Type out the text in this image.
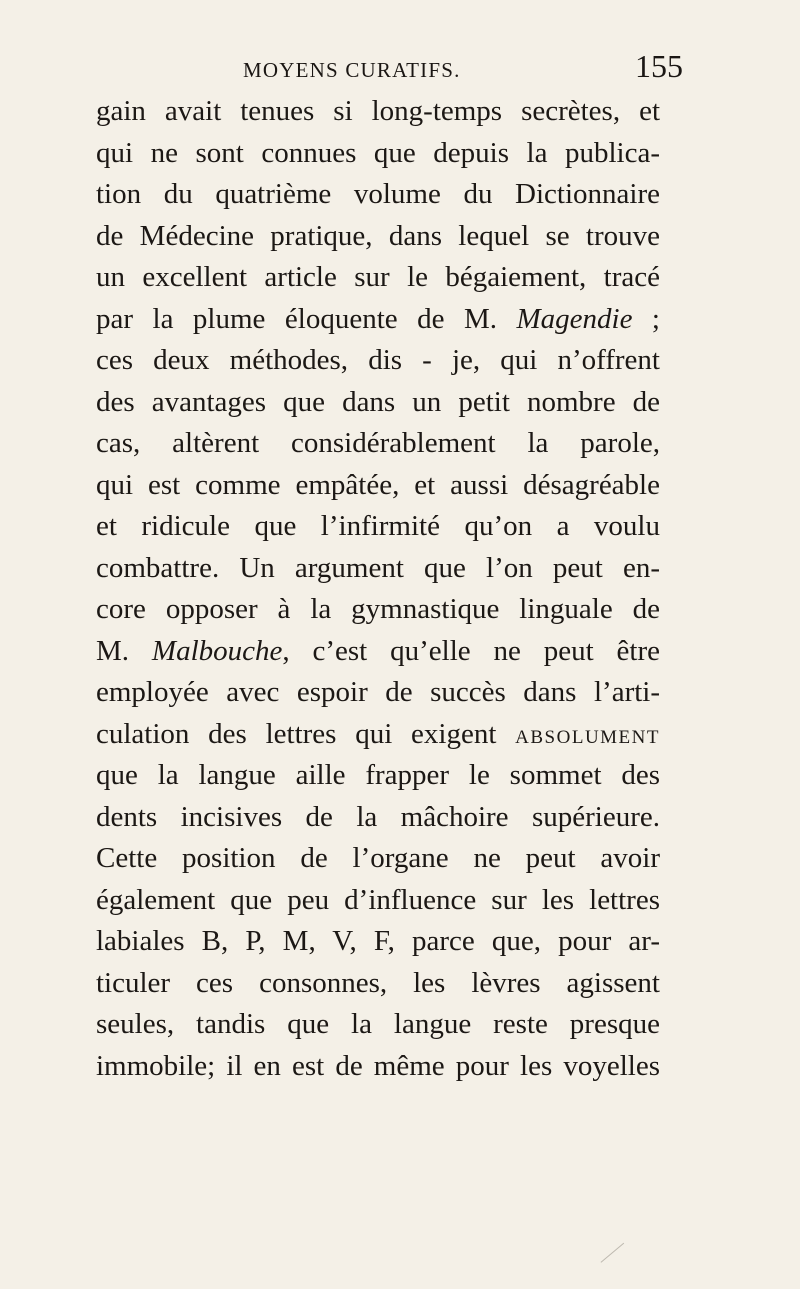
MOYENS CURATIFS.	155
gain avait tenues si long-temps secrètes, et
qui ne sont connues que depuis la publica-
tion du quatrième volume du Dictionnaire
de Médecine pratique, dans lequel se trouve
un excellent article sur le bégaiement, tracé
par la plume éloquente de M. Magendie ;
ces deux méthodes, dis - je, qui n’offrent
des avantages que dans un petit nombre de
cas, altèrent considérablement la parole,
qui est comme empâtée, et aussi désagréable
et ridicule que l’infirmité qu’on a voulu
combattre. Un argument que l’on peut en-
core opposer à la gymnastique linguale de
M. Malbouche, c’est qu’elle ne peut être
employée avec espoir de succès dans l’arti-
culation des lettres qui exigent ABSOLUMENT
que la langue aille frapper le sommet des
dents incisives de la mâchoire supérieure.
Cette position de l’organe ne peut avoir
également que peu d’influence sur les lettres
labiales B, P, M, V, F, parce que, pour ar-
ticuler ces consonnes, les lèvres agissent
seules, tandis que la langue reste presque
immobile; il en est de même pour les voyelles
